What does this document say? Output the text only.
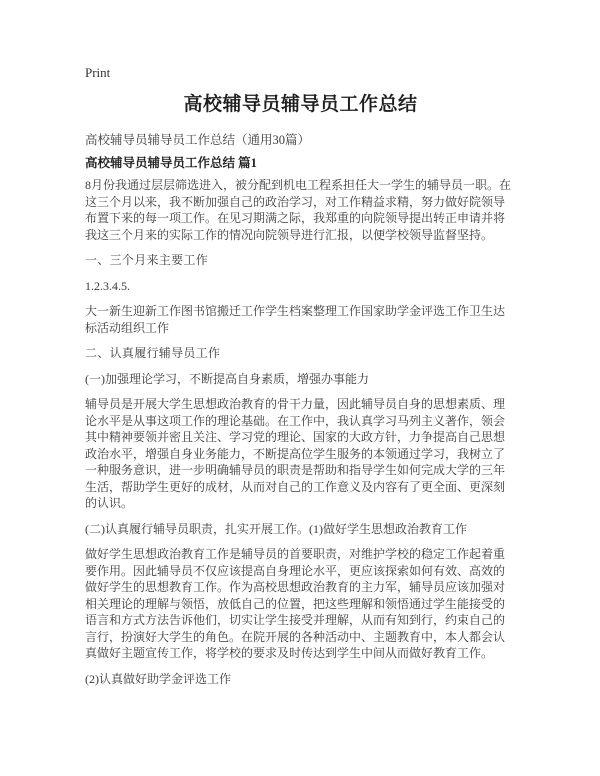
Print
高校辅导员辅导员工作总结
高校辅导员辅导员工作总结（通用30篇）
高校辅导员辅导员工作总结 篇1

8月份我通过层层筛选进入，被分配到机电工程系担任大一学生的辅导员一职。在这三个月以来，我不断加强自己的政治学习，对工作精益求精，努力做好院领导布置下来的每一项工作。在见习期满之际，我郑重的向院领导提出转正申请并将我这三个月来的实际工作的情况向院领导进行汇报，以便学校领导监督坚持。

一、三个月来主要工作

1.2.3.4.5.

大一新生迎新工作图书馆搬迁工作学生档案整理工作国家助学金评选工作卫生达标活动组织工作

二、认真履行辅导员工作

(一)加强理论学习，不断提高自身素质，增强办事能力

辅导员是开展大学生思想政治教育的骨干力量，因此辅导员自身的思想素质、理论水平是从事这项工作的理论基础。在工作中，我认真学习马列主义著作，领会其中精神要领并密且关注、学习党的理论、国家的大政方针，力争提高自己思想政治水平，增强自身业务能力，不断提高位学生服务的本领通过学习，我树立了一种服务意识，进一步明确辅导员的职责是帮助和指导学生如何完成大学的三年生活，帮助学生更好的成材，从而对自己的工作意义及内容有了更全面、更深刻的认识。

(二)认真履行辅导员职责，扎实开展工作。(1)做好学生思想政治教育工作

做好学生思想政治教育工作是辅导员的首要职责，对维护学校的稳定工作起着重要作用。因此辅导员不仅应该提高自身理论水平，更应该探索如何有效、高效的做好学生的思想教育工作。作为高校思想政治教育的主力军，辅导员应该加强对相关理论的理解与领悟，放低自己的位置，把这些理解和领悟通过学生能接受的语言和方式方法告诉他们，切实让学生接受并理解，从而有知到行，约束自己的言行，扮演好大学生的角色。在院开展的各种活动中、主题教育中，本人都会认真做好主题宣传工作，将学校的要求及时传达到学生中间从而做好教育工作。

(2)认真做好助学金评选工作
